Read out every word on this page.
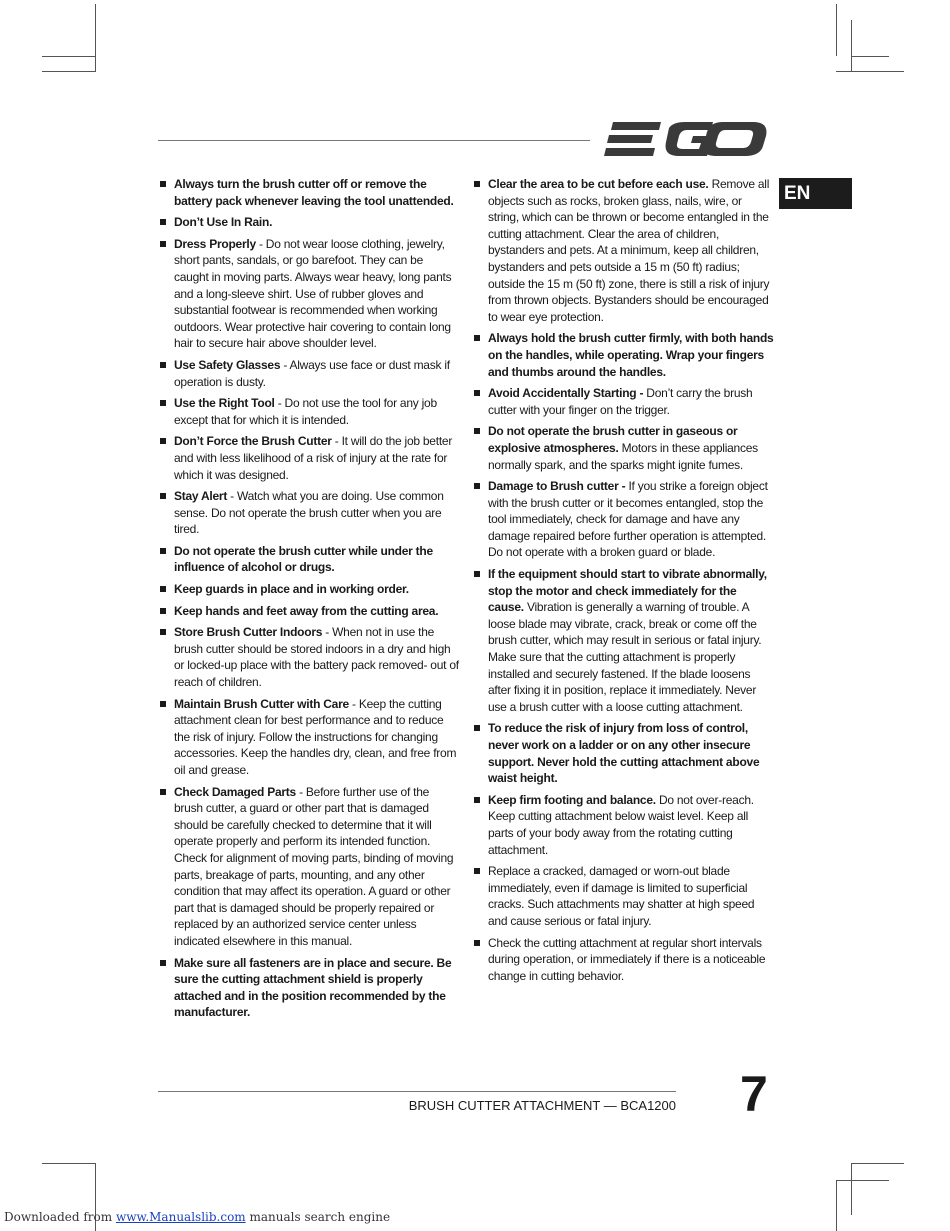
EN
Always turn the brush cutter off or remove the battery pack whenever leaving the tool unattended.
Don’t Use In Rain.
Dress Properly - Do not wear loose clothing, jewelry, short pants, sandals, or go barefoot. They can be caught in moving parts. Always wear heavy, long pants and a long-sleeve shirt. Use of rubber gloves and substantial footwear is recommended when working outdoors. Wear protective hair covering to contain long hair to secure hair above shoulder level.
Use Safety Glasses - Always use face or dust mask if operation is dusty.
Use the Right Tool - Do not use the tool for any job except that for which it is intended.
Don’t Force the Brush Cutter - It will do the job better and with less likelihood of a risk of injury at the rate for which it was designed.
Stay Alert - Watch what you are doing. Use common sense. Do not operate the brush cutter when you are tired.
Do not operate the brush cutter while under the influence of alcohol or drugs.
Keep guards in place and in working order.
Keep hands and feet away from the cutting area.
Store Brush Cutter Indoors - When not in use the brush cutter should be stored indoors in a dry and high or locked-up place with the battery pack removed- out of reach of children.
Maintain Brush Cutter with Care - Keep the cutting attachment clean for best performance and to reduce the risk of injury. Follow the instructions for changing accessories. Keep the handles dry, clean, and free from oil and grease.
Check Damaged Parts - Before further use of the brush cutter, a guard or other part that is damaged should be carefully checked to determine that it will operate properly and perform its intended function. Check for alignment of moving parts, binding of moving parts, breakage of parts, mounting, and any other condition that may affect its operation. A guard or other part that is damaged should be properly repaired or replaced by an authorized service center unless indicated elsewhere in this manual.
Make sure all fasteners are in place and secure. Be sure the cutting attachment shield is properly attached and in the position recommended by the manufacturer.
Clear the area to be cut before each use. Remove all objects such as rocks, broken glass, nails, wire, or string, which can be thrown or become entangled in the cutting attachment. Clear the area of children, bystanders and pets. At a minimum, keep all children, bystanders and pets outside a 15 m (50 ft) radius; outside the 15 m (50 ft) zone, there is still a risk of injury from thrown objects. Bystanders should be encouraged to wear eye protection.
Always hold the brush cutter firmly, with both hands on the handles, while operating. Wrap your fingers and thumbs around the handles.
Avoid Accidentally Starting - Don’t carry the brush cutter with your finger on the trigger.
Do not operate the brush cutter in gaseous or explosive atmospheres. Motors in these appliances normally spark, and the sparks might ignite fumes.
Damage to Brush cutter - If you strike a foreign object with the brush cutter or it becomes entangled, stop the tool immediately, check for damage and have any damage repaired before further operation is attempted. Do not operate with a broken guard or blade.
If the equipment should start to vibrate abnormally, stop the motor and check immediately for the cause. Vibration is generally a warning of trouble. A loose blade may vibrate, crack, break or come off the brush cutter, which may result in serious or fatal injury. Make sure that the cutting attachment is properly installed and securely fastened. If the blade loosens after fixing it in position, replace it immediately. Never use a brush cutter with a loose cutting attachment.
To reduce the risk of injury from loss of control, never work on a ladder or on any other insecure support. Never hold the cutting attachment above waist height.
Keep firm footing and balance. Do not over-reach. Keep cutting attachment below waist level. Keep all parts of your body away from the rotating cutting attachment.
Replace a cracked, damaged or worn-out blade immediately, even if damage is limited to superficial cracks. Such attachments may shatter at high speed and cause serious or fatal injury.
Check the cutting attachment at regular short intervals during operation, or immediately if there is a noticeable change in cutting behavior.
BRUSH CUTTER ATTACHMENT — BCA1200 7
Downloaded from www.Manualslib.com manuals search engine
